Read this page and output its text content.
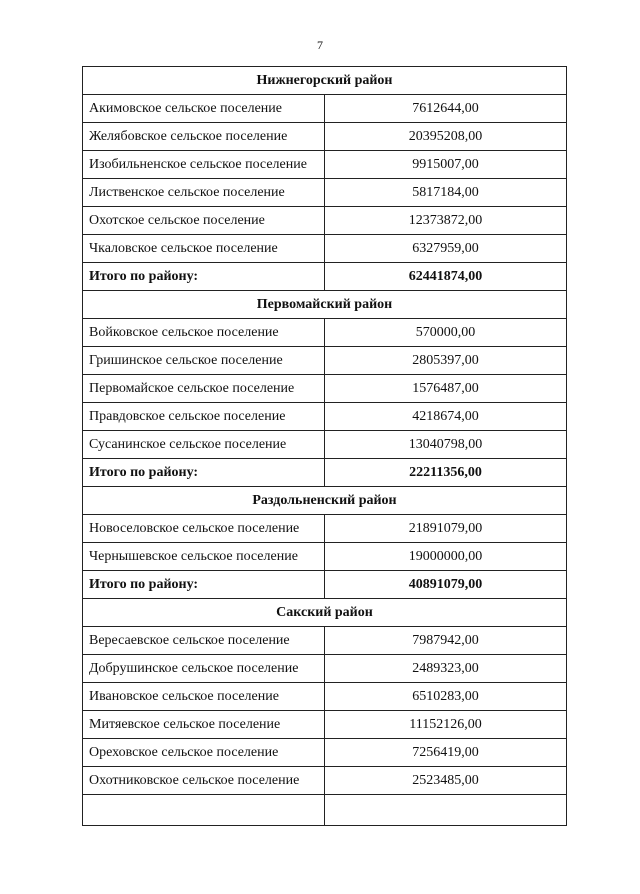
7
Нижнегорский район	
Акимовское сельское поселение	7612644,00
Желябовское сельское поселение	20395208,00
Изобильненское сельское поселение	9915007,00
Лиственское сельское поселение	5817184,00
Охотское сельское поселение	12373872,00
Чкаловское сельское поселение	6327959,00
Итого по району:	62441874,00
Первомайский район	
Войковское сельское поселение	570000,00
Гришинское сельское поселение	2805397,00
Первомайское сельское поселение	1576487,00
Правдовское сельское поселение	4218674,00
Сусанинское сельское поселение	13040798,00
Итого по району:	22211356,00
Раздольненский район	
Новоселовское сельское поселение	21891079,00
Чернышевское сельское поселение	19000000,00
Итого по району:	40891079,00
Сакский район	
Вересаевское сельское поселение	7987942,00
Добрушинское сельское поселение	2489323,00
Ивановское сельское поселение	6510283,00
Митяевское сельское поселение	11152126,00
Ореховское сельское поселение	7256419,00
Охотниковское сельское поселение	2523485,00
